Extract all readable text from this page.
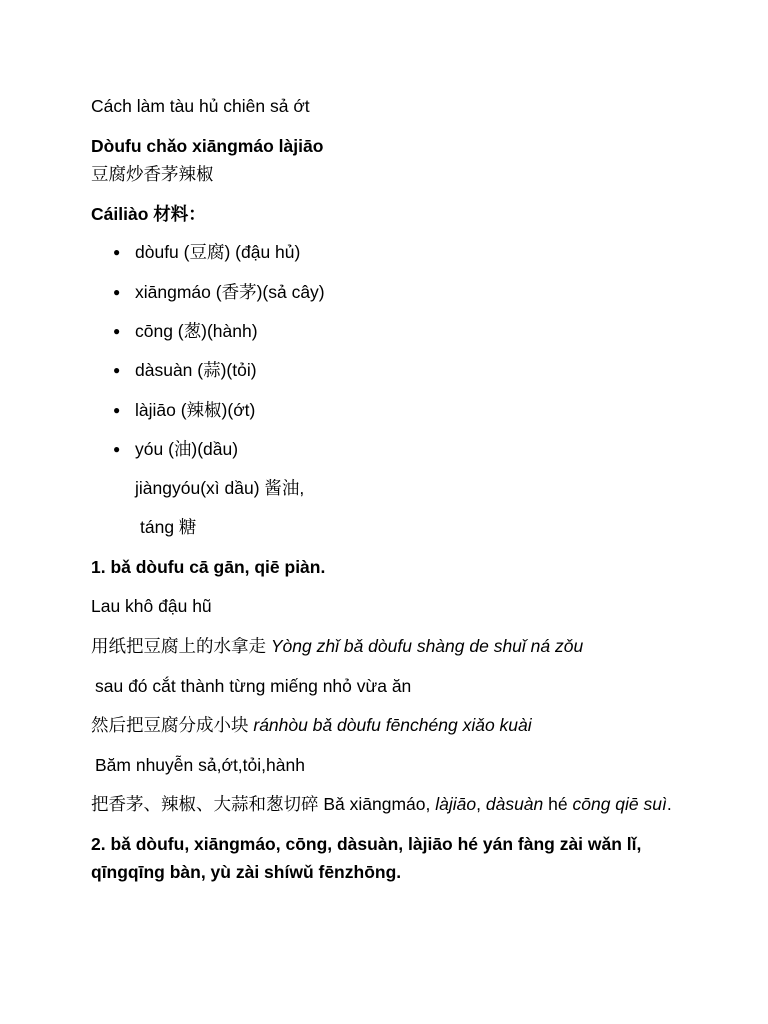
Cách làm tàu hủ chiên sả ớt
Dòufu chǎo xiāngmáo làjiāo
豆腐炒香茅辣椒
Cáiliào 材料：
● dòufu (豆腐) (đậu hủ)
● xiāngmáo (香茅)(sả cây)
● cōng (葱)(hành)
● dàsuàn (蒜)(tỏi)
● làjiāo (辣椒)(ớt)
● yóu (油)(dầu)
jiàngyóu(xì dầu) 酱油,
táng 糖
1. bǎ dòufu cā gān, qiē piàn.
Lau khô đậu hũ
用纸把豆腐上的水拿走 Yòng zhǐ bǎ dòufu shàng de shuǐ ná zǒu
sau đó cắt thành từng miếng nhỏ vừa ăn
然后把豆腐分成小块 ránhòu bǎ dòufu fēnchéng xiǎo kuài
Băm nhuyễn sả,ớt,tỏi,hành
把香茅、辣椒、大蒜和葱切碎 Bǎ xiāngmáo, làjiāo, dàsuàn hé cōng qiē suì.
2. bǎ dòufu, xiāngmáo, cōng, dàsuàn, làjiāo hé yán fàng zài wǎn lǐ,
qīngqīng bàn, yù zài shíwǔ fēnzhōng.
